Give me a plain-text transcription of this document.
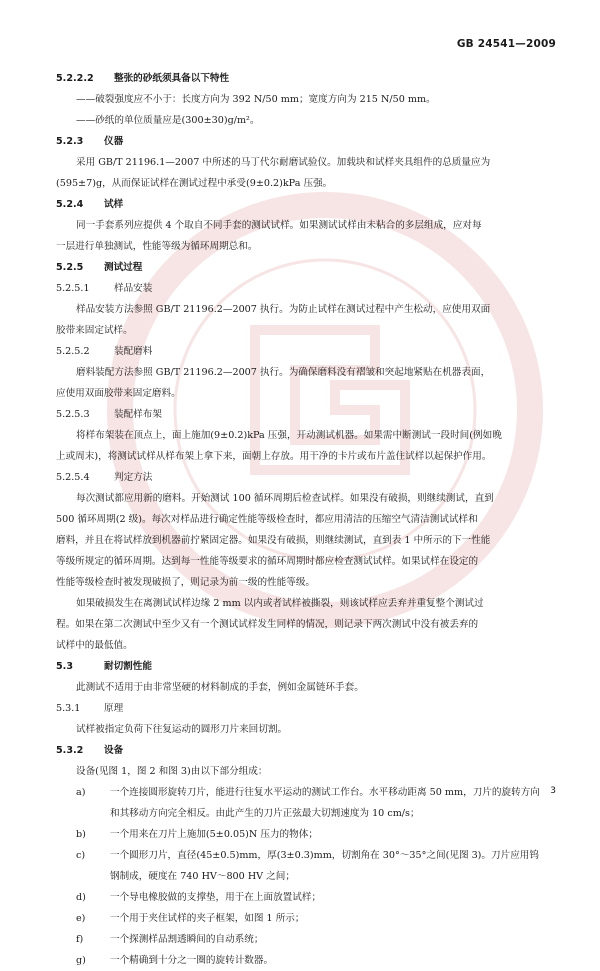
GB 24541—2009
5.2.2.2 整张的砂纸须具备以下特性
——破裂强度应不小于：长度方向为 392 N/50 mm；宽度方向为 215 N/50 mm。
——砂纸的单位质量应是(300±30)g/m²。
5.2.3 仪器
采用 GB/T 21196.1—2007 中所述的马丁代尔耐磨试验仪。加载块和试样夹具组件的总质量应为
(595±7)g，从而保证试样在测试过程中承受(9±0.2)kPa 压强。
5.2.4 试样
同一手套系列应提供 4 个取自不同手套的测试试样。如果测试试样由未粘合的多层组成，应对每
一层进行单独测试，性能等级为循环周期总和。
5.2.5 测试过程
5.2.5.1	样品安装
样品安装方法参照 GB/T 21196.2—2007 执行。为防止试样在测试过程中产生松动，应使用双面
胶带来固定试样。
5.2.5.2	装配磨料
磨料装配方法参照 GB/T 21196.2—2007 执行。为确保磨料没有褶皱和突起地紧贴在机器表面，
应使用双面胶带来固定磨料。
5.2.5.3	装配样布架
将样布架装在顶点上，面上施加(9±0.2)kPa 压强，开动测试机器。如果需中断测试一段时间(例如晚
上或周末)，将测试试样从样布架上拿下来，面朝上存放。用干净的卡片或布片盖住试样以起保护作用。
5.2.5.4	判定方法
每次测试都应用新的磨料。开始测试 100 循环周期后检查试样。如果没有破损，则继续测试，直到
500 循环周期(2 级)。每次对样品进行确定性能等级检查时，都应用清洁的压缩空气清洁测试试样和
磨料，并且在将试样放到机器前拧紧固定器。如果没有破损，则继续测试，直到表 1 中所示的下一性能
等级所规定的循环周期。达到每一性能等级要求的循环周期时都应检查测试试样。如果试样在设定的
性能等级检查时被发现破损了，则记录为前一级的性能等级。
如果破损发生在离测试试样边缘 2 mm 以内或者试样被撕裂，则该试样应丢弃并重复整个测试过
程。如果在第二次测试中至少又有一个测试试样发生同样的情况，则记录下两次测试中没有被丢弃的
试样中的最低值。
5.3	耐切割性能
此测试不适用于由非常坚硬的材料制成的手套，例如金属链环手套。
5.3.1 原理
试样被指定负荷下往复运动的圆形刀片来回切割。
5.3.2 设备
设备(见图 1，图 2 和图 3)由以下部分组成：
a)	一个连接圆形旋转刀片，能进行往复水平运动的测试工作台。水平移动距离 50 mm，刀片的旋转方向和其移动方向完全相反。由此产生的刀片正弦最大切割速度为 10 cm/s；
b)	一个用来在刀片上施加(5±0.05)N 压力的物体；
c)	一个圆形刀片，直径(45±0.5)mm，厚(3±0.3)mm，切割角在 30°～35°之间(见图 3)。刀片应用钨钢制成，硬度在 740 HV～800 HV 之间；
d)	一个导电橡胶做的支撑垫，用于在上面放置试样；
e)	一个用于夹住试样的夹子框架，如图 1 所示；
f)	一个探测样品割透瞬间的自动系统；
g)	一个精确到十分之一圈的旋转计数器。
3
